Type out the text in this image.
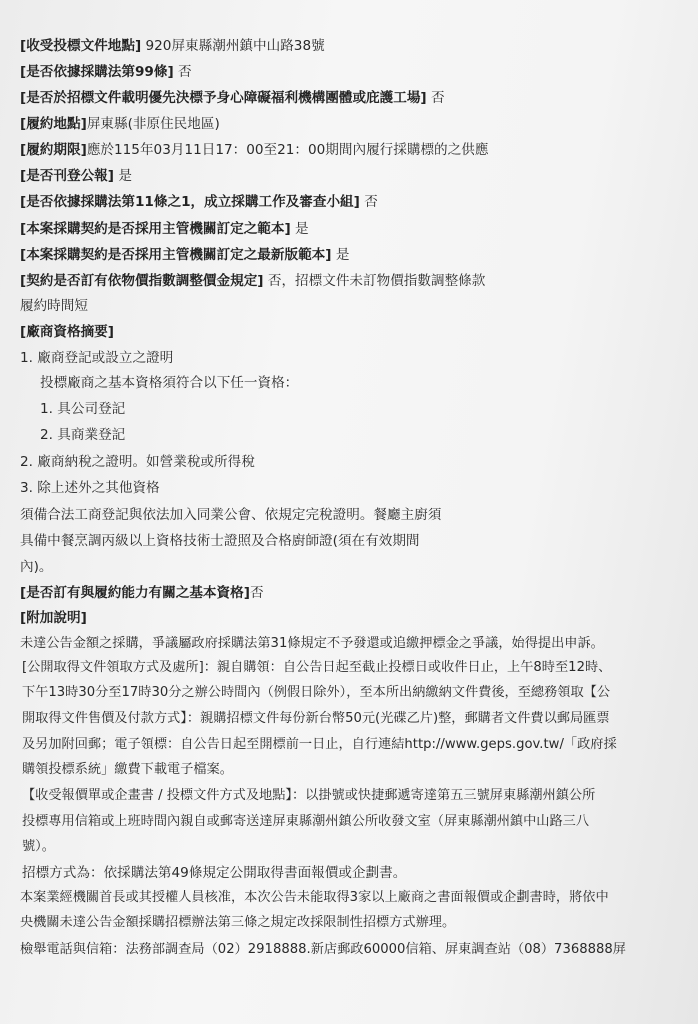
[收受投標文件地點] 920屏東縣潮州鎮中山路38號
[是否依據採購法第99條] 否
[是否於招標文件載明優先決標予身心障礙福利機構團體或庇護工場] 否
[履約地點]屏東縣(非原住民地區)
[履約期限]應於115年03月11日17：00至21：00期間內履行採購標的之供應
[是否刊登公報] 是
[是否依據採購法第11條之1，成立採購工作及審查小組] 否
[本案採購契約是否採用主管機關訂定之範本] 是
[本案採購契約是否採用主管機關訂定之最新版範本] 是
[契約是否訂有依物價指數調整價金規定] 否，招標文件未訂物價指數調整條款
履約時間短
[廠商資格摘要]
1. 廠商登記或設立之證明
投標廠商之基本資格須符合以下任一資格：
1. 具公司登記
2. 具商業登記
2. 廠商納稅之證明。如營業稅或所得稅
3. 除上述外之其他資格
須備合法工商登記與依法加入同業公會、依規定完稅證明。餐廳主廚須
具備中餐烹調丙級以上資格技術士證照及合格廚師證(須在有效期間
內)。
[是否訂有與履約能力有關之基本資格]否
[附加說明]
未達公告金額之採購，爭議屬政府採購法第31條規定不予發還或追繳押標金之爭議，始得提出申訴。
[公開取得文件領取方式及處所]：親自購領：自公告日起至截止投標日或收件日止，上午8時至12時、
下午13時30分至17時30分之辦公時間內（例假日除外），至本所出納繳納文件費後，至總務領取【公
開取得文件售價及付款方式】：親購招標文件每份新台幣50元(光碟乙片)整，郵購者文件費以郵局匯票
及另加附回郵；電子領標：自公告日起至開標前一日止，自行連結http://www.geps.gov.tw/「政府採
購領投標系統」繳費下載電子檔案。
【收受報價單或企畫書 / 投標文件方式及地點】：以掛號或快捷郵遞寄達第五三號屏東縣潮州鎮公所
投標專用信箱或上班時間內親自或郵寄送達屏東縣潮州鎮公所收發文室（屏東縣潮州鎮中山路三八
號）。
招標方式為：依採購法第49條規定公開取得書面報價或企劃書。
本案業經機關首長或其授權人員核准，本次公告未能取得3家以上廠商之書面報價或企劃書時，將依中
央機關未達公告金額採購招標辦法第三條之規定改採限制性招標方式辦理。
檢舉電話與信箱：法務部調查局（02）2918888.新店郵政60000信箱、屏東調查站（08）7368888屏
